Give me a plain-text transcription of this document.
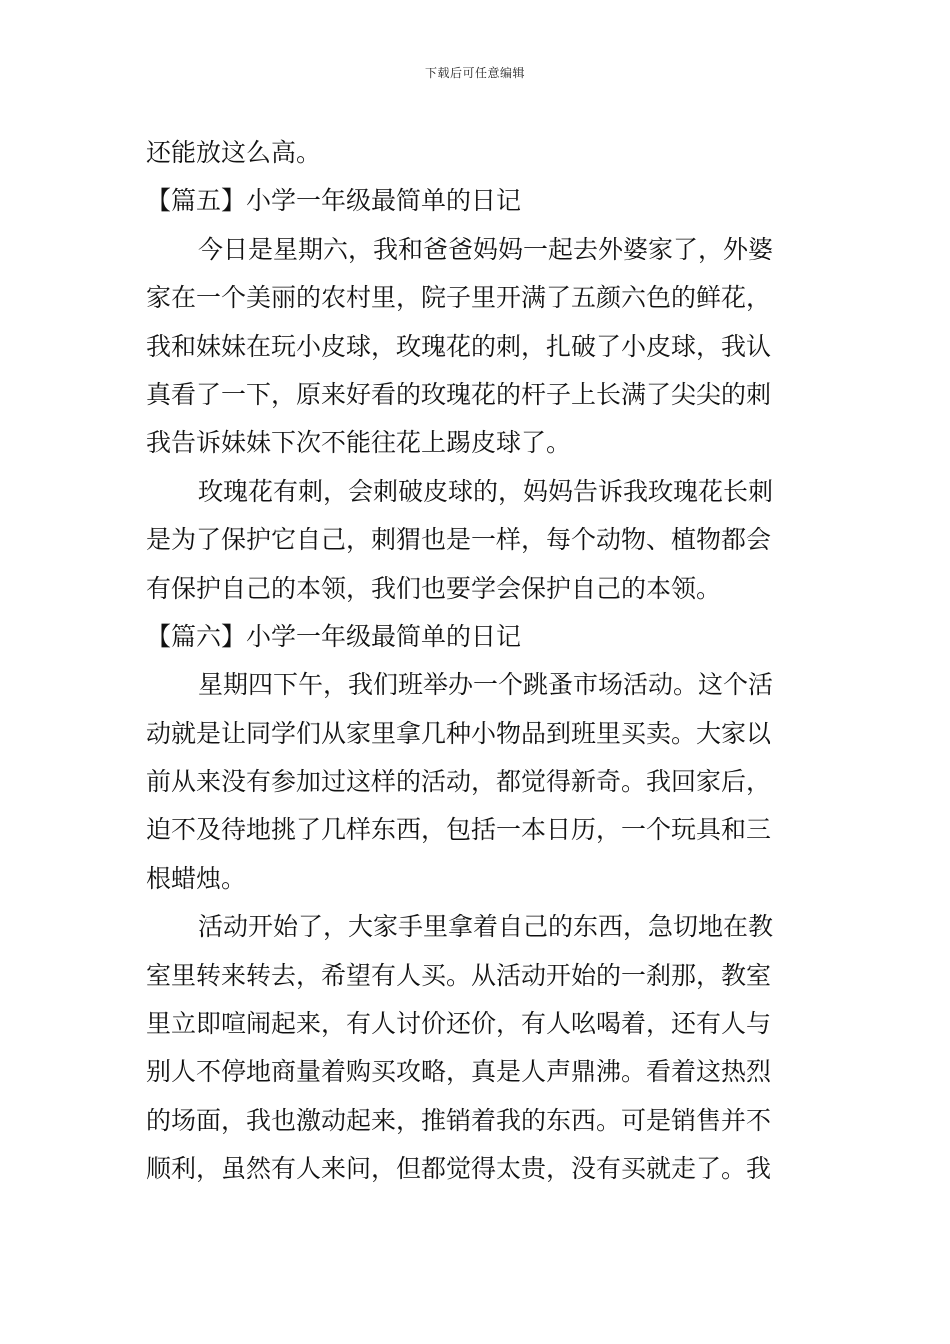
下载后可任意编辑
还能放这么高。
【篇五】小学一年级最简单的日记
今日是星期六，我和爸爸妈妈一起去外婆家了，外婆
家在一个美丽的农村里，院子里开满了五颜六色的鲜花，
我和妹妹在玩小皮球，玫瑰花的刺，扎破了小皮球，我认
真看了一下，原来好看的玫瑰花的杆子上长满了尖尖的刺
我告诉妹妹下次不能往花上踢皮球了。
玫瑰花有刺，会刺破皮球的，妈妈告诉我玫瑰花长刺
是为了保护它自己，刺猬也是一样，每个动物、植物都会
有保护自己的本领，我们也要学会保护自己的本领。
【篇六】小学一年级最简单的日记
星期四下午，我们班举办一个跳蚤市场活动。这个活
动就是让同学们从家里拿几种小物品到班里买卖。大家以
前从来没有参加过这样的活动，都觉得新奇。我回家后，
迫不及待地挑了几样东西，包括一本日历，一个玩具和三
根蜡烛。
活动开始了，大家手里拿着自己的东西，急切地在教
室里转来转去，希望有人买。从活动开始的一刹那，教室
里立即喧闹起来，有人讨价还价，有人吆喝着，还有人与
别人不停地商量着购买攻略，真是人声鼎沸。看着这热烈
的场面，我也激动起来，推销着我的东西。可是销售并不
顺利，虽然有人来问，但都觉得太贵，没有买就走了。我
